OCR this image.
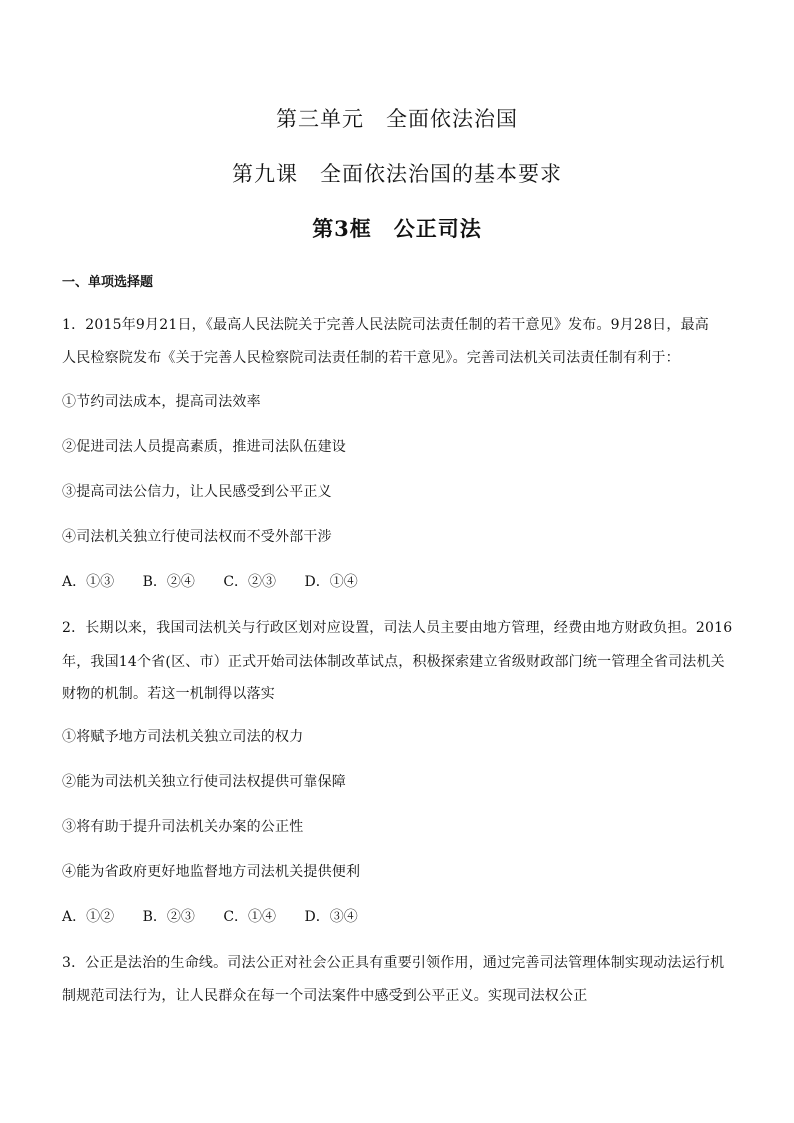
第三单元　全面依法治国
第九课　全面依法治国的基本要求
第3框　公正司法
一、单项选择题
1．2015年9月21日，《最高人民法院关于完善人民法院司法责任制的若干意见》发布。9月28日，最高
人民检察院发布《关于完善人民检察院司法责任制的若干意见》。完善司法机关司法责任制有利于：
①节约司法成本，提高司法效率
②促进司法人员提高素质，推进司法队伍建设
③提高司法公信力，让人民感受到公平正义
④司法机关独立行使司法权而不受外部干涉
A．①③ B．②④ C．②③ D．①④
2．长期以来，我国司法机关与行政区划对应设置，司法人员主要由地方管理，经费由地方财政负担。2016
年，我国14个省(区、市）正式开始司法体制改革试点，积极探索建立省级财政部门统一管理全省司法机关
财物的机制。若这一机制得以落实
①将赋予地方司法机关独立司法的权力
②能为司法机关独立行使司法权提供可靠保障
③将有助于提升司法机关办案的公正性
④能为省政府更好地监督地方司法机关提供便利
A．①② B．②③ C．①④ D．③④
3．公正是法治的生命线。司法公正对社会公正具有重要引领作用，通过完善司法管理体制实现动法运行机
制规范司法行为，让人民群众在每一个司法案件中感受到公平正义。实现司法权公正
